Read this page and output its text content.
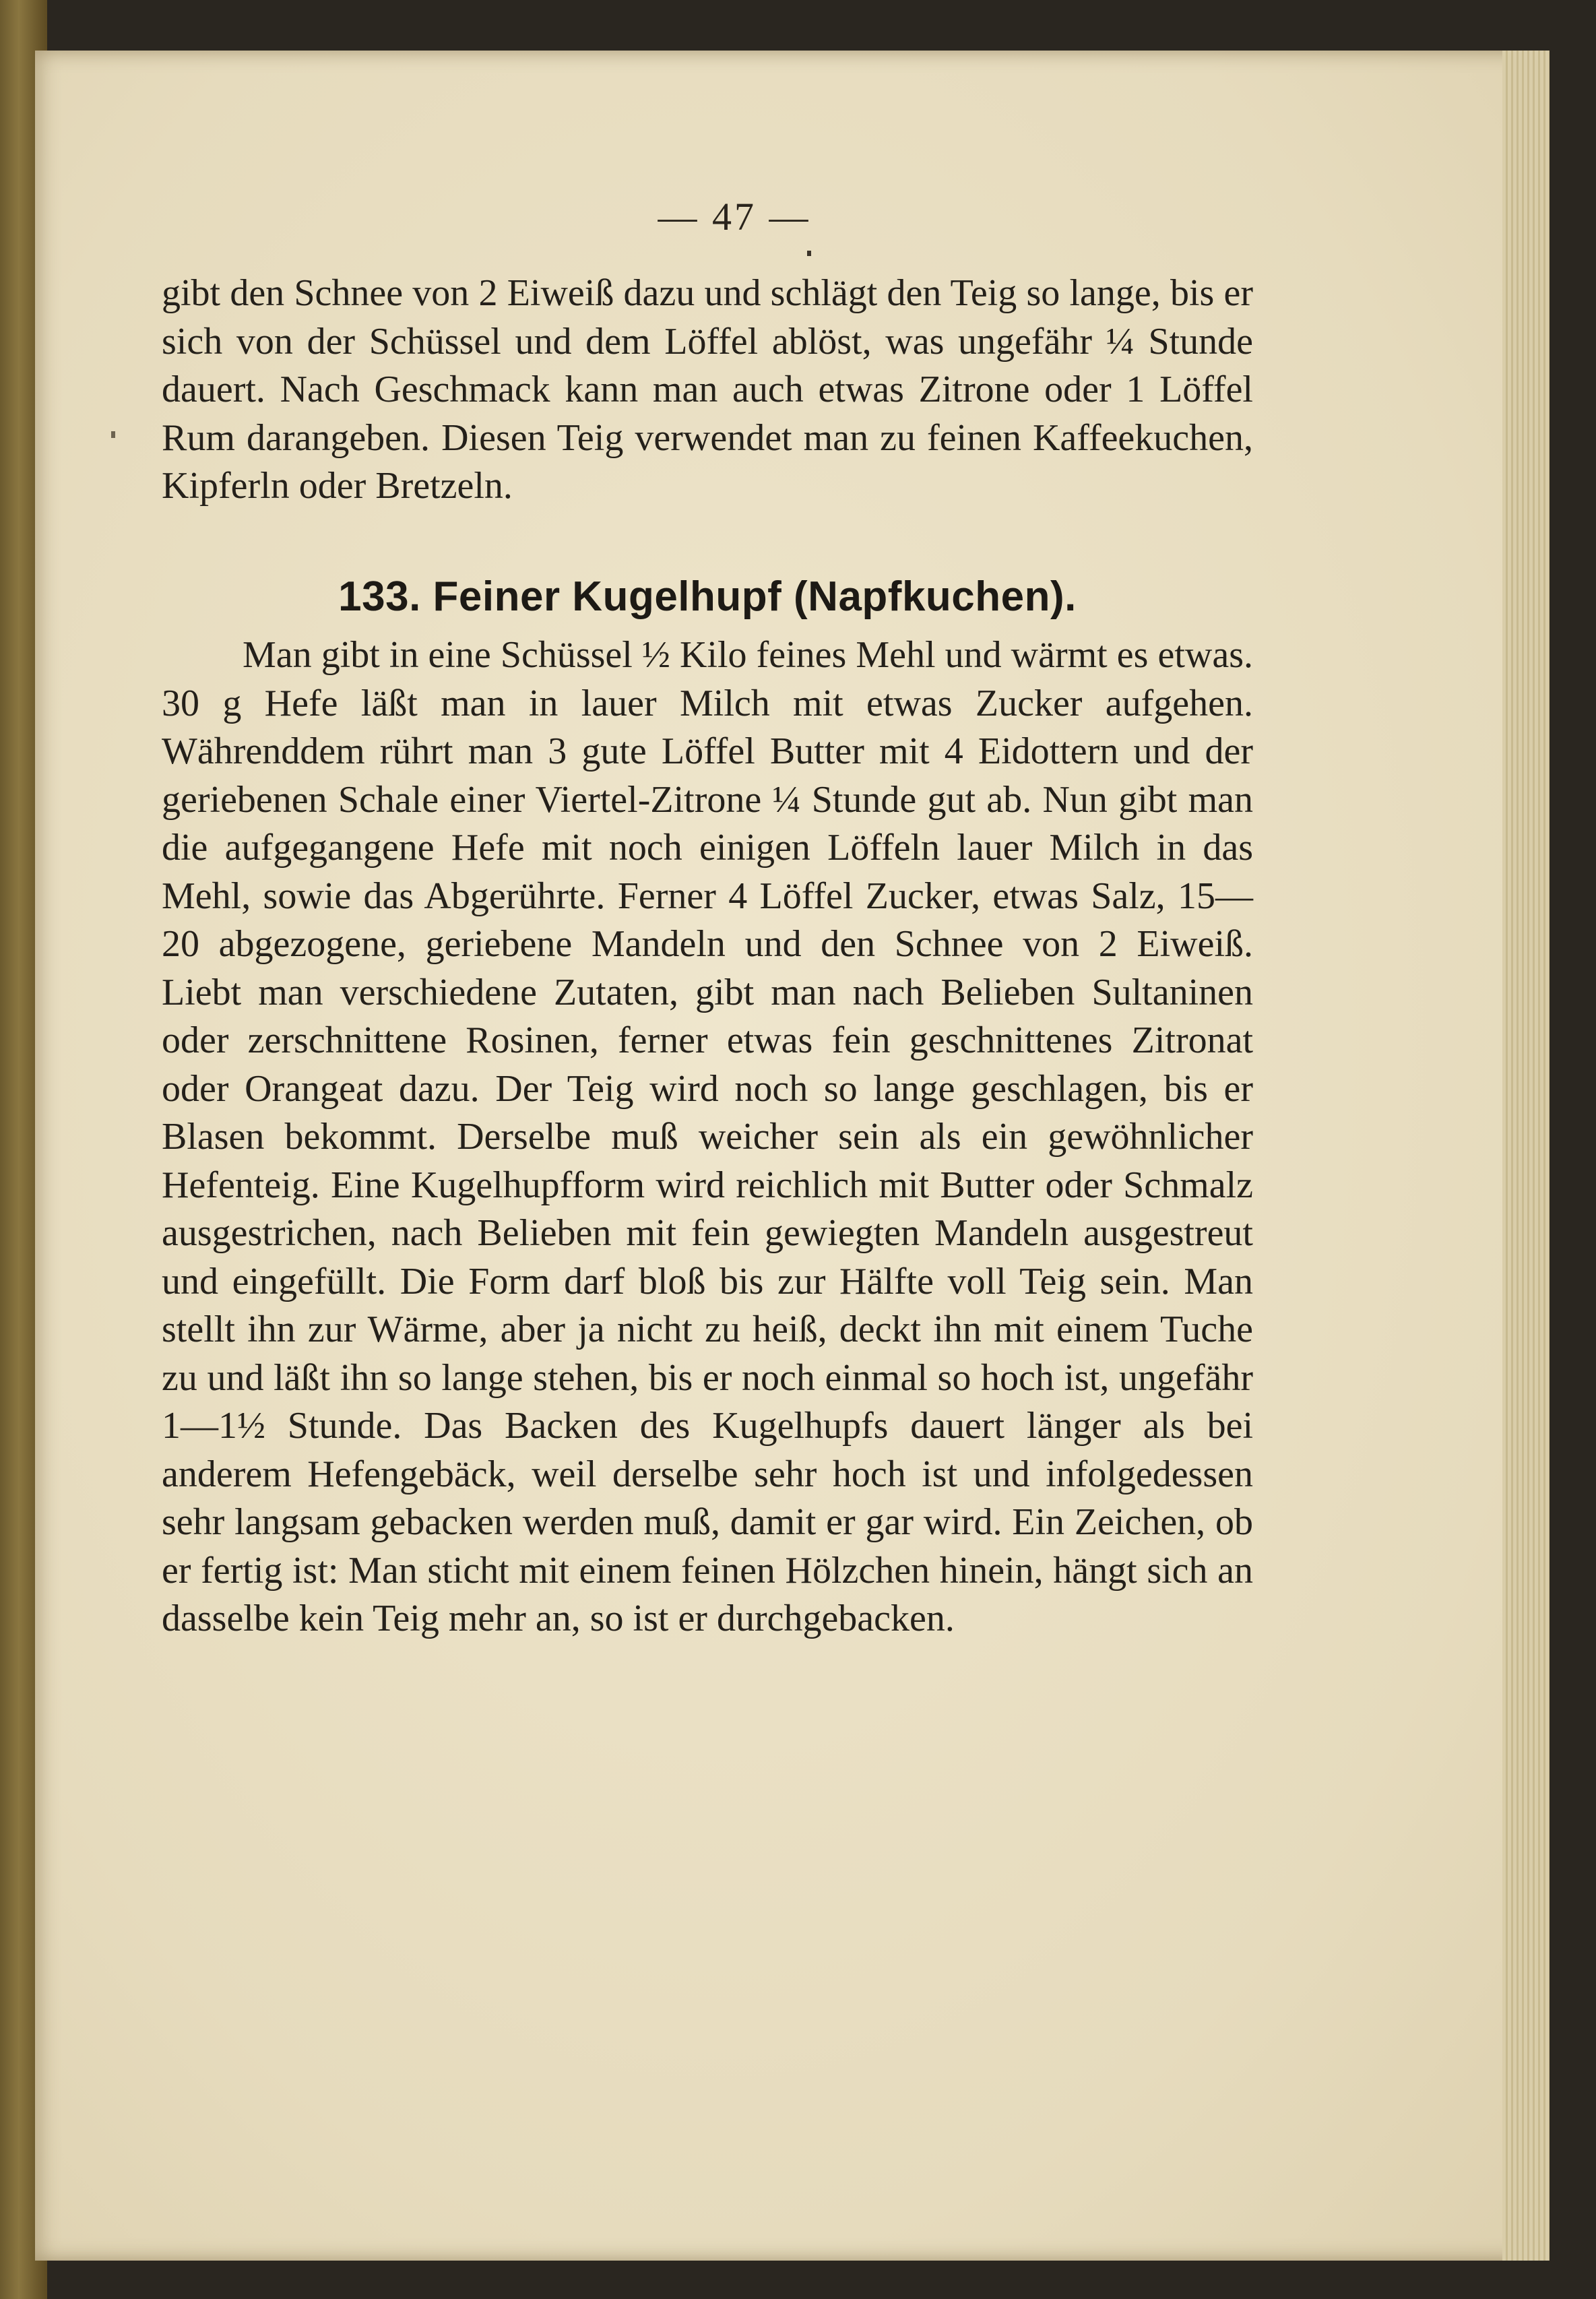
— 47 —

gibt den Schnee von 2 Eiweiß dazu und schlägt den Teig so lange, bis er sich von der Schüssel und dem Löffel ablöst, was ungefähr ¼ Stunde dauert. Nach Geschmack kann man auch etwas Zitrone oder 1 Löffel Rum darangeben. Diesen Teig verwendet man zu feinen Kaffeekuchen, Kipferln oder Bretzeln.

133. Feiner Kugelhupf (Napfkuchen).

Man gibt in eine Schüssel ½ Kilo feines Mehl und wärmt es etwas. 30 g Hefe läßt man in lauer Milch mit etwas Zucker aufgehen. Währenddem rührt man 3 gute Löffel Butter mit 4 Eidottern und der geriebenen Schale einer Viertel-Zitrone ¼ Stunde gut ab. Nun gibt man die aufgegangene Hefe mit noch einigen Löffeln lauer Milch in das Mehl, sowie das Abgerührte. Ferner 4 Löffel Zucker, etwas Salz, 15—20 abgezogene, geriebene Mandeln und den Schnee von 2 Eiweiß. Liebt man verschiedene Zutaten, gibt man nach Belieben Sultaninen oder zerschnittene Rosinen, ferner etwas fein geschnittenes Zitronat oder Orangeat dazu. Der Teig wird noch so lange geschlagen, bis er Blasen bekommt. Derselbe muß weicher sein als ein gewöhnlicher Hefenteig. Eine Kugelhupfform wird reichlich mit Butter oder Schmalz ausgestrichen, nach Belieben mit fein gewiegten Mandeln ausgestreut und eingefüllt. Die Form darf bloß bis zur Hälfte voll Teig sein. Man stellt ihn zur Wärme, aber ja nicht zu heiß, deckt ihn mit einem Tuche zu und läßt ihn so lange stehen, bis er noch einmal so hoch ist, ungefähr 1—1½ Stunde. Das Backen des Kugelhupfs dauert länger als bei anderem Hefengebäck, weil derselbe sehr hoch ist und infolgedessen sehr langsam gebacken werden muß, damit er gar wird. Ein Zeichen, ob er fertig ist: Man sticht mit einem feinen Hölzchen hinein, hängt sich an dasselbe kein Teig mehr an, so ist er durchgebacken.
